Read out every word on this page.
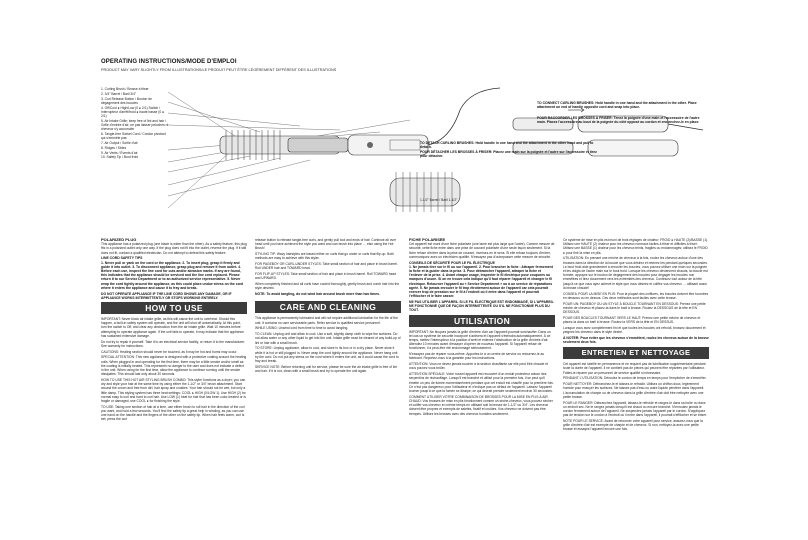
OPERATING INSTRUCTIONS/MODE D'EMPLOI
PRODUCT MAY VARY SLIGHTLY FROM ILLUSTRATIONS/LE PRODUIT PEUT ÊTRE LÉGÈREMENT DIFFÉRENT DES ILLUSTRATIONS
1. Curling Brush / Brosse à friser
2. 3/4" Barrel / Baril 3/4"
3. Curl Release Button / Bouton de dégagement des boucles
4. Off/Cool ● High/Low (0 ● 2/1) Switch / Interrupteur d'arrêt/froid ● haute basse (0 ● 2/1)
5. Air Intake Grille; keep free of lint and hair / Grille d'entrée d'air; ne pas laisser peluches ni cheveux s'y accumuler
6. Tangle-free Swivel Cord / Cordon pivotant qui s'emmêle pas
7. Air Output / Sortie d'air
8. Ridges / Stries
9. Air Vents / Évents d'air
10. Safety Tip / Bout froid
1-1/2" Barrel / Baril 1-1/2"
TO CONNECT CURLING BRUSHES: Hold handle in one hand and the attachment in the other. Place attachment on end of handle opposite cord and snap into place.
POUR RACCORDER LES BROSSES À FRISER: Tenez la poignée d'une main et l'accessoire de l'autre main. Placez l'accessoire au bout de la poignée du côté opposé au cordon et enclenchez-le en place.
TO DETACH CURLING BRUSHES: Hold handle in one hand and the attachment in the other hand and pull to detach.
POUR DÉTACHER LES BROSSES À FRISER: Placez une main sur la poignée et l'autre sur l'accessoire et tirez pour détacher.
POLARIZED PLUG
This appliance has a polarized plug (one blade is wider than the other). As a safety feature, this plug fits in a polarized outlet only one way. If the plug does not fit into the outlet, reverse the plug. If it still does not fit, contact a qualified electrician. Do not attempt to defeat this safety feature.
LINE CORD SAFETY TIPS
1. Never pull or yank on the cord or the appliance. 2. To insert plug, grasp it firmly and guide it into outlet. 3. To disconnect appliance, grasp plug and remove it from outlet. 4. Before each use, inspect the line cord for cuts and/or abrasion marks. If any are found, this indicates that the appliance should be serviced and the line cord replaced. Please return it to our Service Department or to an authorized service representative. 5. Never wrap the cord tightly around the appliance, as this could place undue stress on the cord where it enters the appliance and cause it to fray and break.
DO NOT OPERATE APPLIANCE IF THE LINE CORD SHOWS ANY DAMAGE, OR IF APPLIANCE WORKS INTERMITTENTLY OR STOPS WORKING ENTIRELY.
HOW TO USE
IMPORTANT: Never block air intake grille, as this will cause the unit to overheat. Should this happen, a built-in safety system will operate, and the unit will shut off automatically. At this point, turn the switch to Off, and clear any obstruction from the air intake grille. Wait 10 minutes before attempting to operate appliance again. If the unit fails to operate, it may indicate that the appliance has sustained extensive damage.
Do not try to repair it yourself. Take it to an electrical service facility, or return it to the manufacturer. See warranty for instructions.
CAUTIONS: Heating section should never be touched, as it may be hot and burns may occur.
SPECIAL ATTENTION: This new appliance is designed with a protective coating around the heating coils. When plugged in and operating for the first time, there may be a little smoke and/or smell as the coating is initially heated. This represents no danger to the user and does not indicate a defect in the unit. When using for the first time, allow the appliance to continue running until the smoke dissipates. This should last only about 30 seconds.
HOW TO USE THIS HOT AIR STYLING BRUSH COMBO: This styler functions as a dryer; you can dry and style your hair at the same time by using either the 1-1/2" or 3/4" brush attachment. Start around the crown and free from dirt, hair spray and crusties. Your hair should not be wet, but only a little damp. This styling system has three heat settings: COOL ● HIGH (0/LOW 1). Use HIGH (2) for normal easy to curl and hard to curl hair. Use LOW (1) heat for hair that has been color-treated or is fragile or damaged; use COOL ● for finishing the style.
TO USE: Taking one section of hair at a time, use either brush to roll hair in the direction of the curl you want, and hold a few seconds. You'll find the safety tip a great help in winding, as you can use one hand on the handle and the fingers of the other on the safety tip. When hair feels warm, curl is set; press the curl
release button to release tangle-free curls, and gently pull tool and ends of hair. Continue all over head until you have achieved the style you want and can brush into place … else using the Hot Brush!
STYLING TIP: Wavy hairstyles are based either on curls that go under or curls that flip up. Both methods are easy to achieve with this styler.
FOR PAGEBOY OR CURL-UNDER STYLES: Take small section of hair and place in brush barrel. Roll UNDER hair and TOWARD head.
FOR FLIP-UP STYLES: Take small section of hair and place in brush barrel. Roll TOWARD head and UPWARD.
When completely finished and all curls have cooled thoroughly, gently brush and comb hair into the style desired.
NOTE: To avoid tangling, do not wind hair around brush more than two times.
CARE AND CLEANING
This appliance is permanently lubricated and will not require additional lubrication for the life of the unit. It contains no user serviceable parts. Refer service to qualified service personnel.
WHILE USING: Unwind cord from time to time to avoid tangling.
TO CLEAN: Unplug unit and allow to cool. Use a soft, slightly damp cloth to wipe the surfaces. Do not allow water or any other liquid to get into the unit. Intake grille must be cleared of any build-up of lint or hair with a small brush.
TO STORE: Unplug appliance, allow to cool, and store in its box or in a dry place. Never store it while it is hot or still plugged in. Never wrap the cord tightly around the appliance. Never hang unit by the cord. Do not put any stress on the cord where it enters the unit, as it could cause the cord to fray and break.
SERVICE NOTE: Before returning unit for service, please be sure the air intake grille is free of lint and hair. If it is not, clean with a small brush and try to operate the unit again.
FICHE POLARISÉE
Cet appareil est muni d'une fiche polarisée (une lame est plus large que l'autre). Comme mesure de sécurité, cette fiche entre dans une prise de courant polarisée d'une seule façon seulement. Si la fiche refuse d'entrer dans la prise de courant, inversez-en le sens. Si elle refuse toujours d'entrer, communiquez avec un électricien qualifié. N'essayez pas d'outrepasser cette mesure de sécurité.
CONSEILS DE SÉCURITÉ POUR LE FIL ÉLECTRIQUE
1. Ne jamais tirer sur le fil ou sur l'appareil. 2. Pour brancher la fiche : Attraper fermement la fiche et la guider dans la prise. 3. Pour débrancher l'appareil, attraper la fiche et l'enlever de la prise. 4. Avant chaque usage, inspecter le fil électrique pour coupures ou marques d'usure. Si on en trouve cela indique qu'il faut réparer l'appareil et changer le fil électrique. Retourner l'appareil au « Service Department » ou à un service de réparations agréé. 5. Ne jamais enrouler le fil trop étroitement autour de l'appareil car cela pourrait exercer trop de pression sur le fil à l'endroit où il entre dans l'appareil et pourrait l'effilocher et le faire casser.
NE PAS UTILISER L'APPAREIL SI LE FIL ÉLECTRIQUE EST ENDOMMAGÉ, SI L'APPAREIL NE FONCTIONNE QUE DE FAÇON INTERMITTENTE OU S'IL NE FONCTIONNE PLUS DU TOUT.
UTILISATION
IMPORTANT: Ne bloquez jamais la grille d'entrée d'air car l'appareil pourrait surchauffer. Dans un tel cas un système de sécurité incorporé s'activera et l'appareil s'éteindra automatiquement. À ce temps, mettez l'interrupteur à la position d'arrêt et enlevez l'obstruction de la grille d'entrée d'air. Attendez 10 minutes avant d'essayer d'opérer de nouveau l'appareil. Si l'appareil refuse de fonctionner, il a peut-être été endommagé sérieusement.
N'essayez pas de réparer vous-même. Apportez-le à un centre de service ou retournez-le au fabricant. Reportez-vous à la garantie pour les instructions.
ATTENTION: Vous ne devez jamais toucher à la section chauffante car elle peut être chaude et vous pouvez vous brûler.
ATTENTION SPÉCIALE: Votre nouvel appareil est recouvert d'un enduit protecteur autour des serpentins de réchauffage. Lorsqu'il est branché et utilisé pour la première fois, il se peut qu'il émette un peu de fumée momentanément pendant que cet enduit est chauffé pour la première fois. Ce n'est pas dangereux pour l'utilisateur et n'indique pas un défaut de l'appareil. Laissez l'appareil tourner jusqu'à ce que la fumée se dissipe; ce qui devrait prendre seulement environ 30 secondes.
COMMENT UTILISER VOTRE COMBINAISON DE BROSSES POUR LA MISE EN PLIS À AIR CHAUD: Vos brosses de mise en plis fonctionnent comme un sèche-cheveux, vous pouvez sécher et coiffer vos cheveux en même temps en utilisant soit la brosse de 1-1/2" ou 3/4". Les cheveux doivent être propres et exempts de saletés, fixatif et croûtes. Vos cheveux ne doivent pas être trempés. Utilisez les brosses avec des cheveux humides seulement.
Ce système de mise en plis est muni de trois réglages de chaleur: FROID ● HAUTE (2)/BASSE (1). Utilisez une HAUTE (2) chaleur pour les cheveux normaux faciles à friser et difficiles à friser. Utilisez une BASSE (1) chaleur pour les cheveux teints, fragiles ou endommagés; utilisez le FROID ● pour finir la mise en plis.
UTILISATION: En prenant une mèche de cheveux à la fois, roulez les cheveux autour d'une des brosses dans la direction de la boucle que vous désirez et retenez les pendant quelques secondes. Le bout froid aide grandement à enrouler les boucles, vous pouvez utiliser une main sur la poignée et les doigts de l'autre main sur le bout froid. Lorsque les cheveux deviennent chauds, la boucle est formée; appuyez sur le bouton de dégagement des boucles pour dégager les boucles non emmêlées et tirez doucement vers les extrémités des cheveux. Continuez tout autour de la tête jusqu'à ce que vous ayez achevé le style que vous désirez et coiffez vos cheveux … utilisant aussi la brosse chaude!
CONSEIL POUR LA MISE EN PLIS: Pour la plupart des coiffures, les boucles doivent être tournées en dessous ou en dessus. Ces deux méthodes sont faciles avec cette brosse.
POUR UN: PAGEBOY OU UN STYLE À BOUCLE TOURNANT EN DESSOUS: Prenez une petite mèche de cheveux et placez-la dans le baril à brosse. Roulez la DESSOUS de la tête et EN DESSOUS.
POUR DES BOUCLES TOURNANT VERS LE HAUT: Prenez une petite mèche de cheveux et placez-la dans un baril à brosse. Roulez la VERS de la tête et EN DESSUS.
Lorsque vous avez complètement fini et que toutes les boucles ont refroidi, brossez doucement et peignez les cheveux dans le style désiré.
À NOTER: Pour éviter que les cheveux s'emmêlent, roulez les cheveux autour de la brosse seulement deux fois.
ENTRETIEN ET NETTOYAGE
Cet appareil est lubrifié en permanence et ne requiert pas de lubrification supplémentaire pendant toute la durée de l'appareil. Il ne contient pas de pièces qui peuvent être réparées par l'utilisateur. Faites-le réparer par un personnel de service qualifié si nécessaire.
PENDANT L'UTILISATION: Déroulez le cordon de temps en temps pour l'empêcher de s'emmêler.
POUR NETTOYER: Débranchez-le et laissez-le refroidir. Utilisez un chiffon doux, légèrement humide pour essuyer les surfaces. Ne laissez pas d'eau ou autre liquide pénétrer dans l'appareil. L'accumulation de charpie ou de cheveux dans la grille d'entrée d'air doit être nettoyée avec une petite brosse.
POUR LE RANGER: Débranchez l'appareil, laissez-le refroidir et rangez-le dans sa boîte ou dans un endroit sec. Ne le rangez jamais lorsqu'il est chaud ou encore branché. N'enroulez jamais le cordon fermement autour de l'appareil. Ne suspendez jamais l'appareil par le cordon. N'appliquez pas de tension sur le cordon à l'endroit où il entre dans l'appareil, il pourrait s'effilocher et se briser.
NOTE POUR LE SERVICE: Avant de retourner votre appareil pour service, assurez-vous que la grille d'entrée d'air est exempte de charpie et de cheveux. Si non, nettoyez-la avec une petite brosse et essayez l'appareil encore une fois.
